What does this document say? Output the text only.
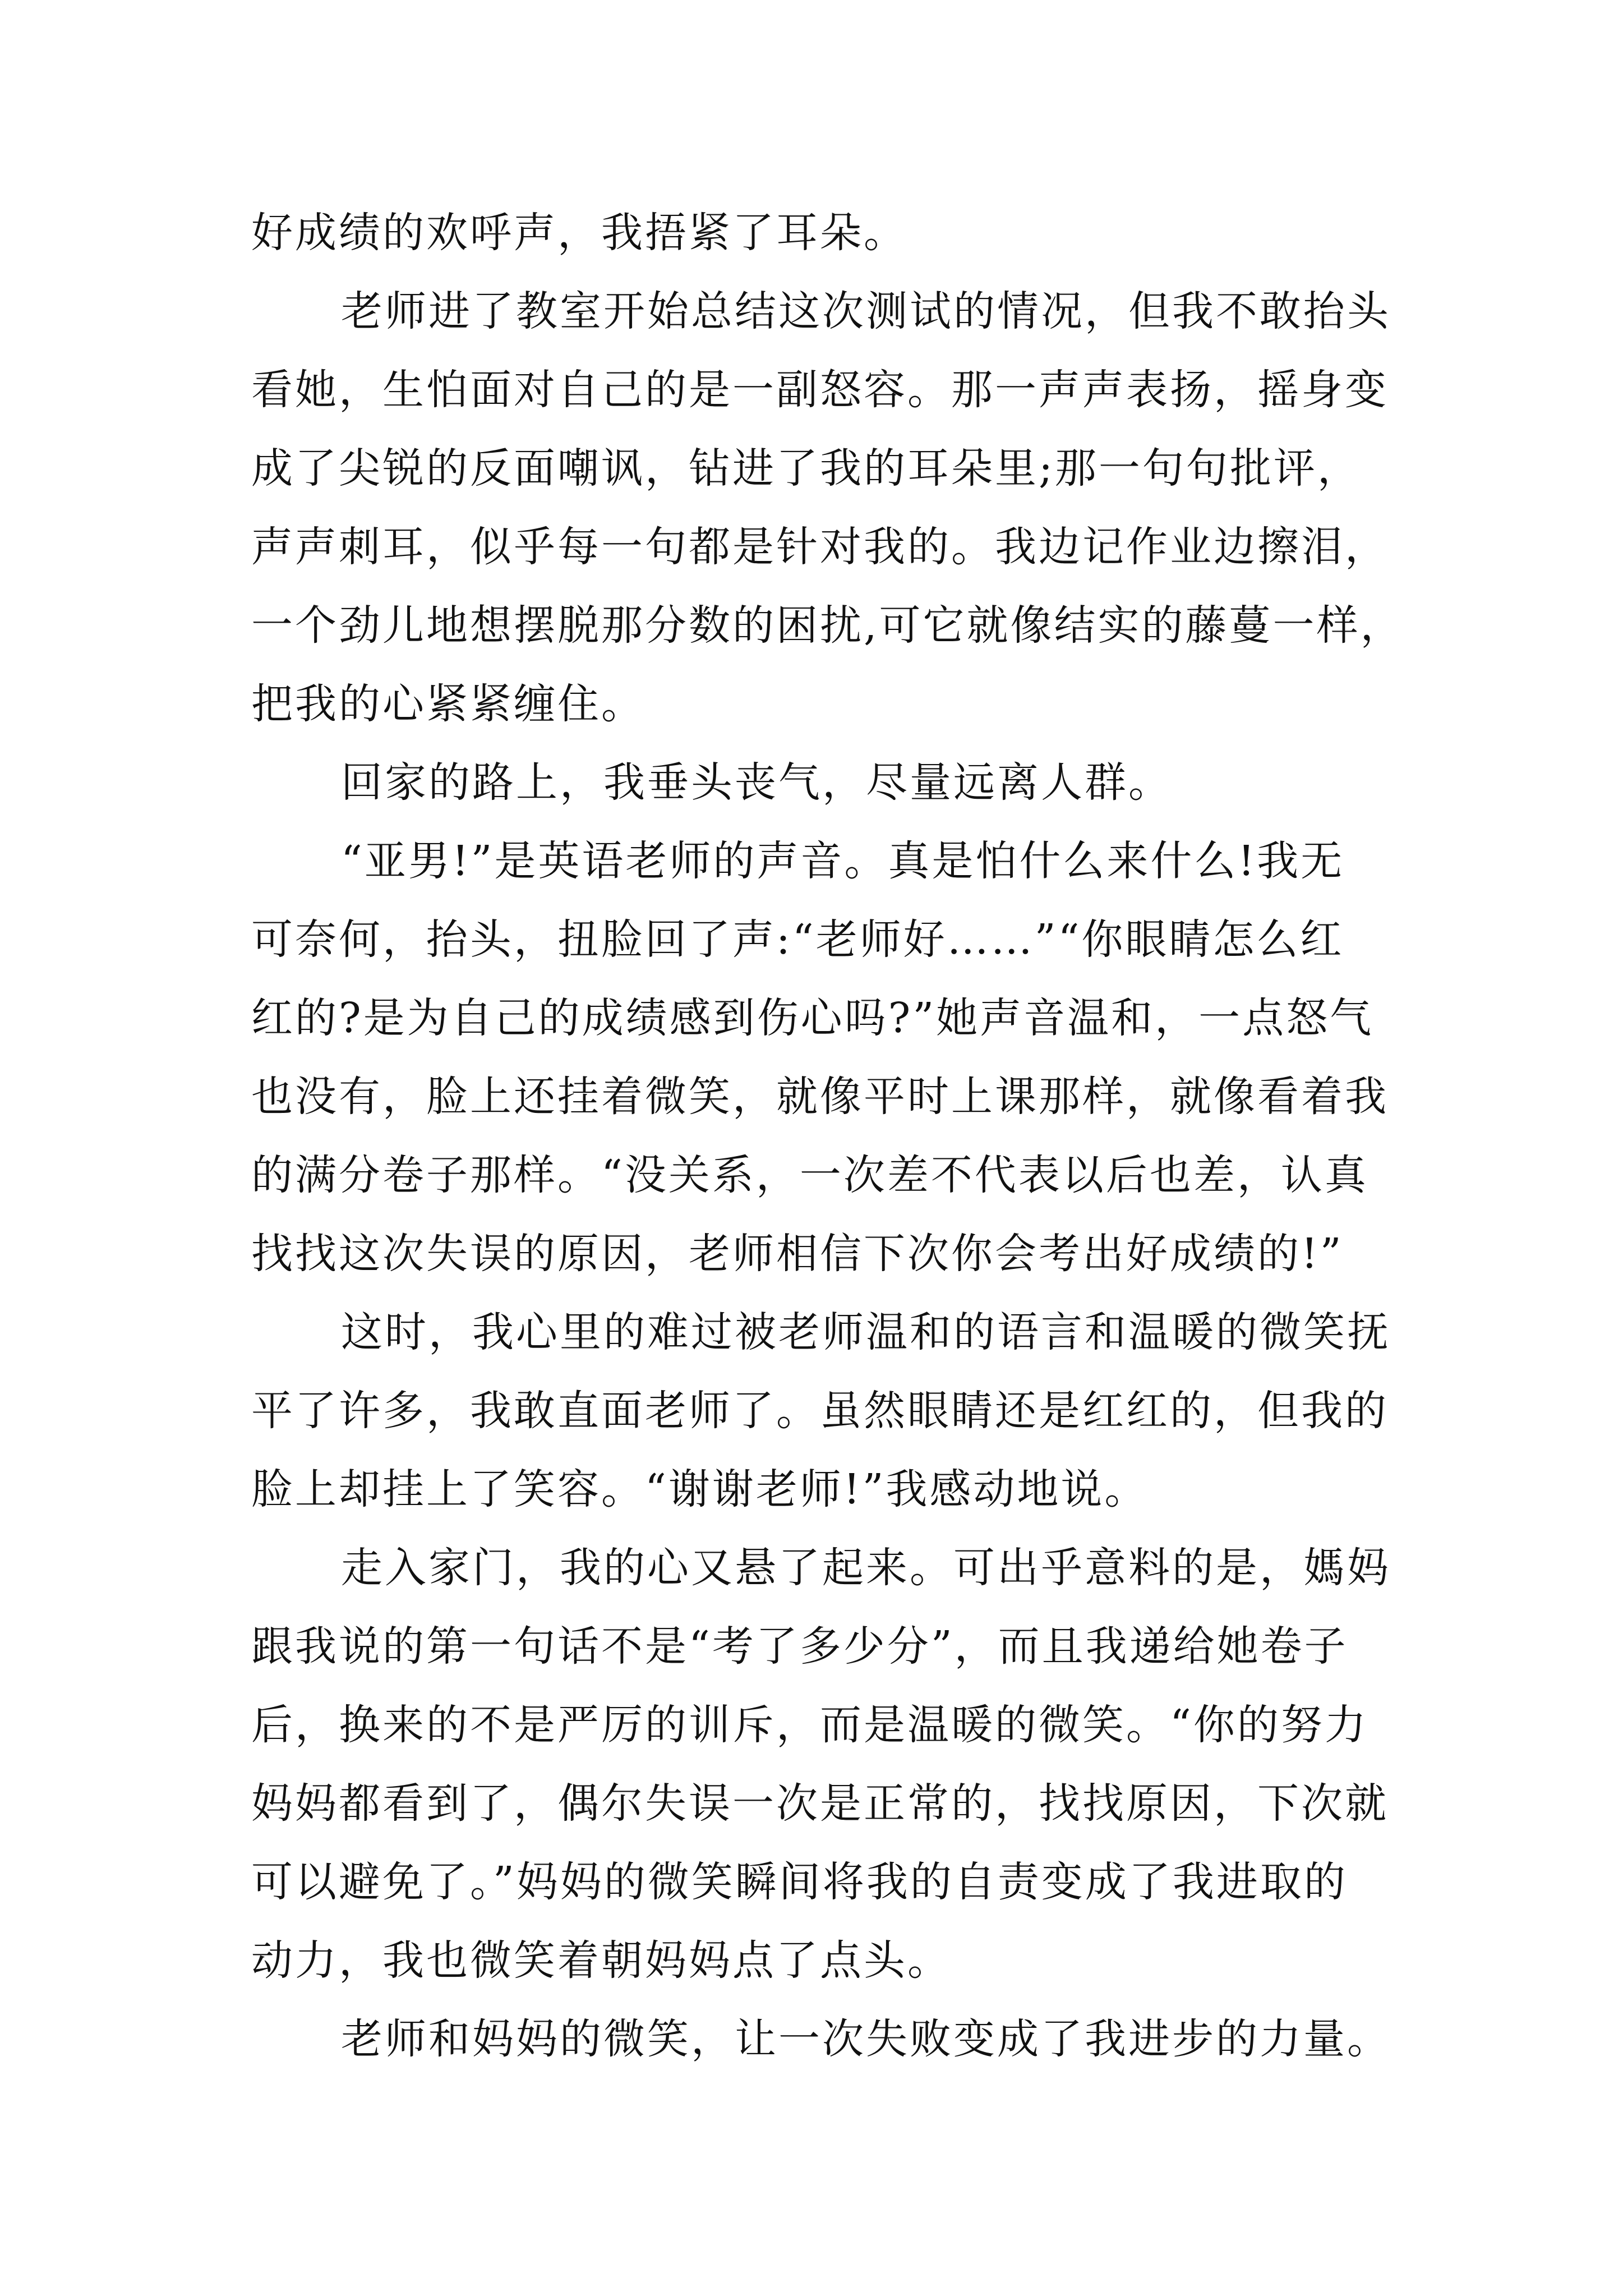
好成绩的欢呼声，我捂紧了耳朵。
老师进了教室开始总结这次测试的情况，但我不敢抬头
看她，生怕面对自己的是一副怒容。那一声声表扬，摇身变
成了尖锐的反面嘲讽，钻进了我的耳朵里;那一句句批评，
声声刺耳，似乎每一句都是针对我的。我边记作业边擦泪，
一个劲儿地想摆脱那分数的困扰,可它就像结实的藤蔓一样，
把我的心紧紧缠住。
回家的路上，我垂头丧气，尽量远离人群。
“亚男!”是英语老师的声音。真是怕什么来什么!我无
可奈何，抬头，扭脸回了声:“老师好……”“你眼睛怎么红
红的?是为自己的成绩感到伤心吗?”她声音温和，一点怒气
也没有，脸上还挂着微笑，就像平时上课那样，就像看着我
的满分卷子那样。“没关系，一次差不代表以后也差，认真
找找这次失误的原因，老师相信下次你会考出好成绩的!”
这时，我心里的难过被老师温和的语言和温暖的微笑抚
平了许多，我敢直面老师了。虽然眼睛还是红红的，但我的
脸上却挂上了笑容。“谢谢老师!”我感动地说。
走入家门，我的心又悬了起来。可出乎意料的是，媽妈
跟我说的第一句话不是“考了多少分”，而且我递给她卷子
后，换来的不是严厉的训斥，而是温暖的微笑。“你的努力
妈妈都看到了，偶尔失误一次是正常的，找找原因，下次就
可以避免了。”妈妈的微笑瞬间将我的自责变成了我进取的
动力，我也微笑着朝妈妈点了点头。
老师和妈妈的微笑，让一次失败变成了我进步的力量。
